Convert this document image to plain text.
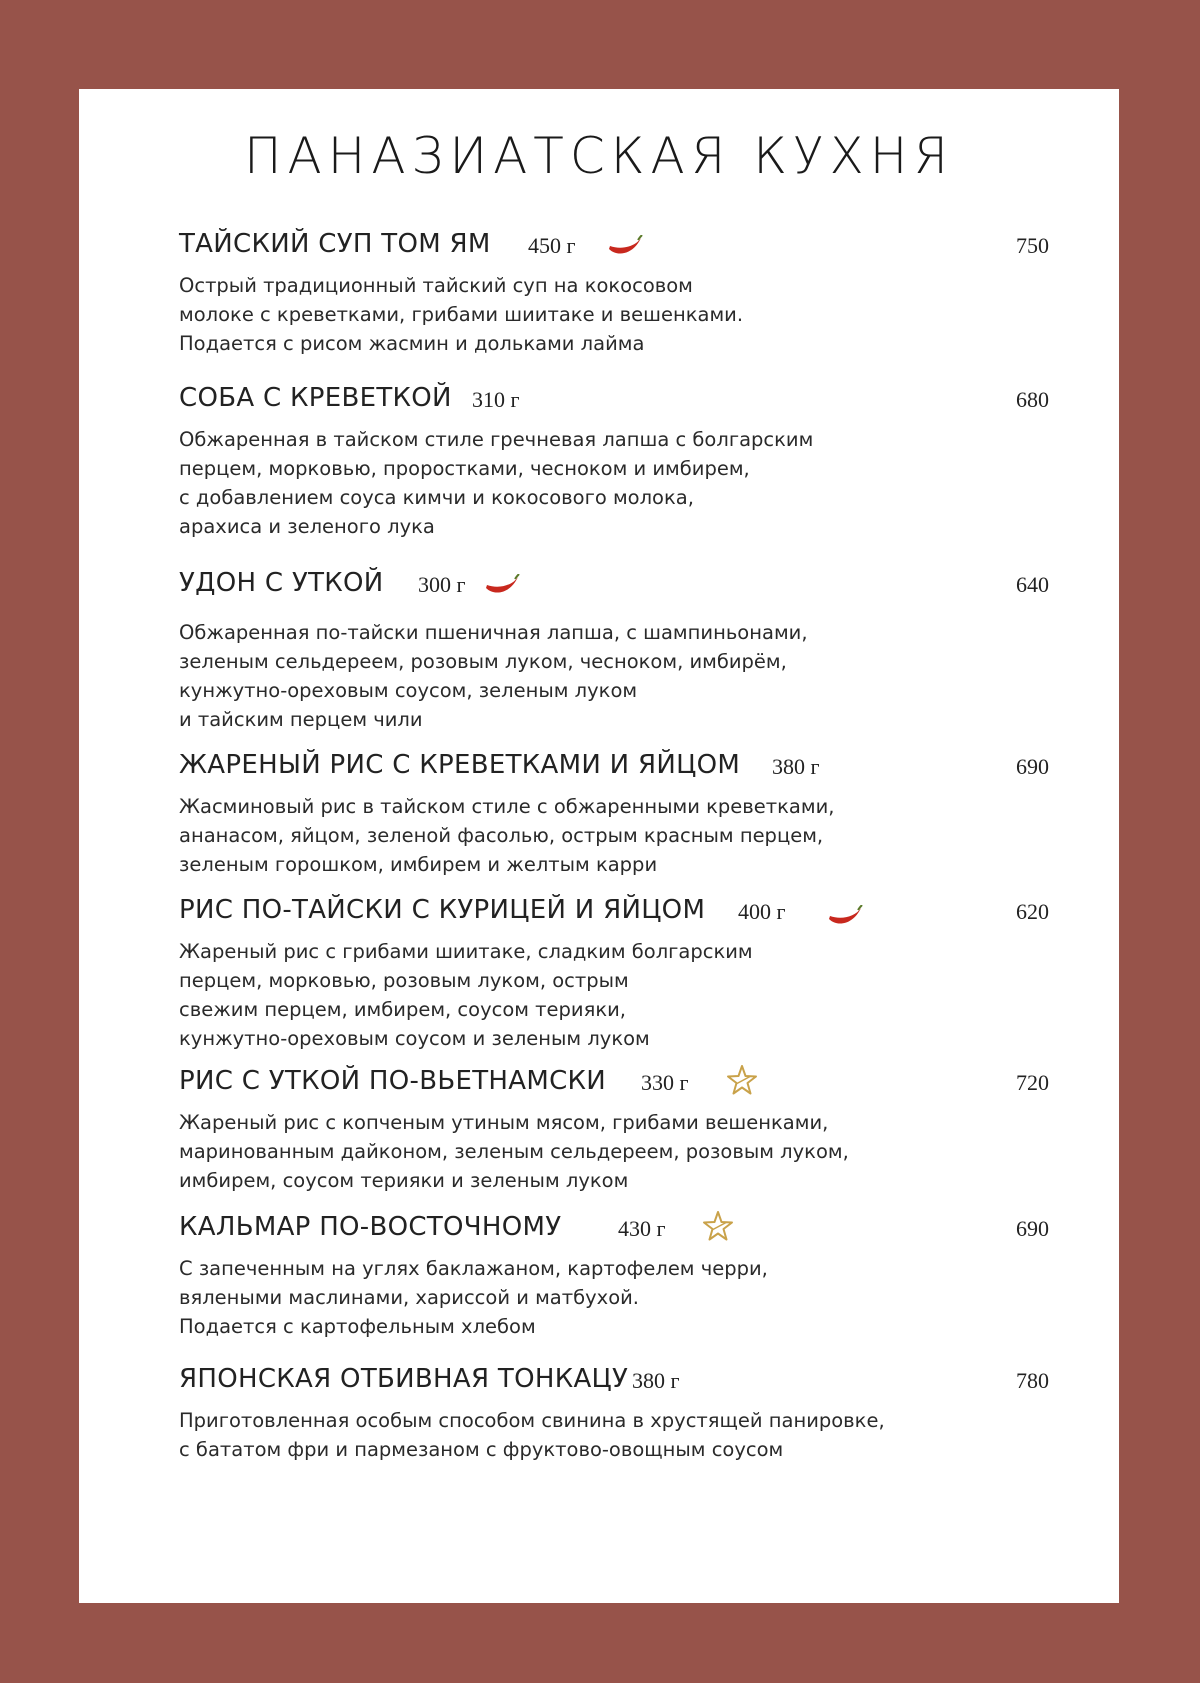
ПАНАЗИАТСКАЯ КУХНЯ
ТАЙСКИЙ СУП ТОМ ЯМ 450 г	750
Острый традиционный тайский суп на кокосовом
молоке с креветками, грибами шиитаке и вешенками.
Подается с рисом жасмин и дольками лайма
СОБА С КРЕВЕТКОЙ 310 г	680
Обжаренная в тайском стиле гречневая лапша с болгарским
перцем, морковью, проростками, чесноком и имбирем,
с добавлением соуса кимчи и кокосового молока,
арахиса и зеленого лука
УДОН С УТКОЙ 300 г	640
Обжаренная по-тайски пшеничная лапша, с шампиньонами,
зеленым сельдереем, розовым луком, чесноком, имбирём,
кунжутно-ореховым соусом, зеленым луком
и тайским перцем чили
ЖАРЕНЫЙ РИС С КРЕВЕТКАМИ И ЯЙЦОМ 380 г	690
Жасминовый рис в тайском стиле с обжаренными креветками,
ананасом, яйцом, зеленой фасолью, острым красным перцем,
зеленым горошком, имбирем и желтым карри
РИС ПО-ТАЙСКИ С КУРИЦЕЙ И ЯЙЦОМ 400 г	620
Жареный рис с грибами шиитаке, сладким болгарским
перцем, морковью, розовым луком, острым
свежим перцем, имбирем, соусом терияки,
кунжутно-ореховым соусом и зеленым луком
РИС С УТКОЙ ПО-ВЬЕТНАМСКИ 330 г	720
Жареный рис с копченым утиным мясом, грибами вешенками,
маринованным дайконом, зеленым сельдереем, розовым луком,
имбирем, соусом терияки и зеленым луком
КАЛЬМАР ПО-ВОСТОЧНОМУ	430 г	690
С запеченным на углях баклажаном, картофелем черри,
вялеными маслинами, хариссой и матбухой.
Подается с картофельным хлебом
ЯПОНСКАЯ ОТБИВНАЯ ТОНКАЦУ 380 г	780
Приготовленная особым способом свинина в хрустящей панировке,
с бататом фри и пармезаном с фруктово-овощным соусом
